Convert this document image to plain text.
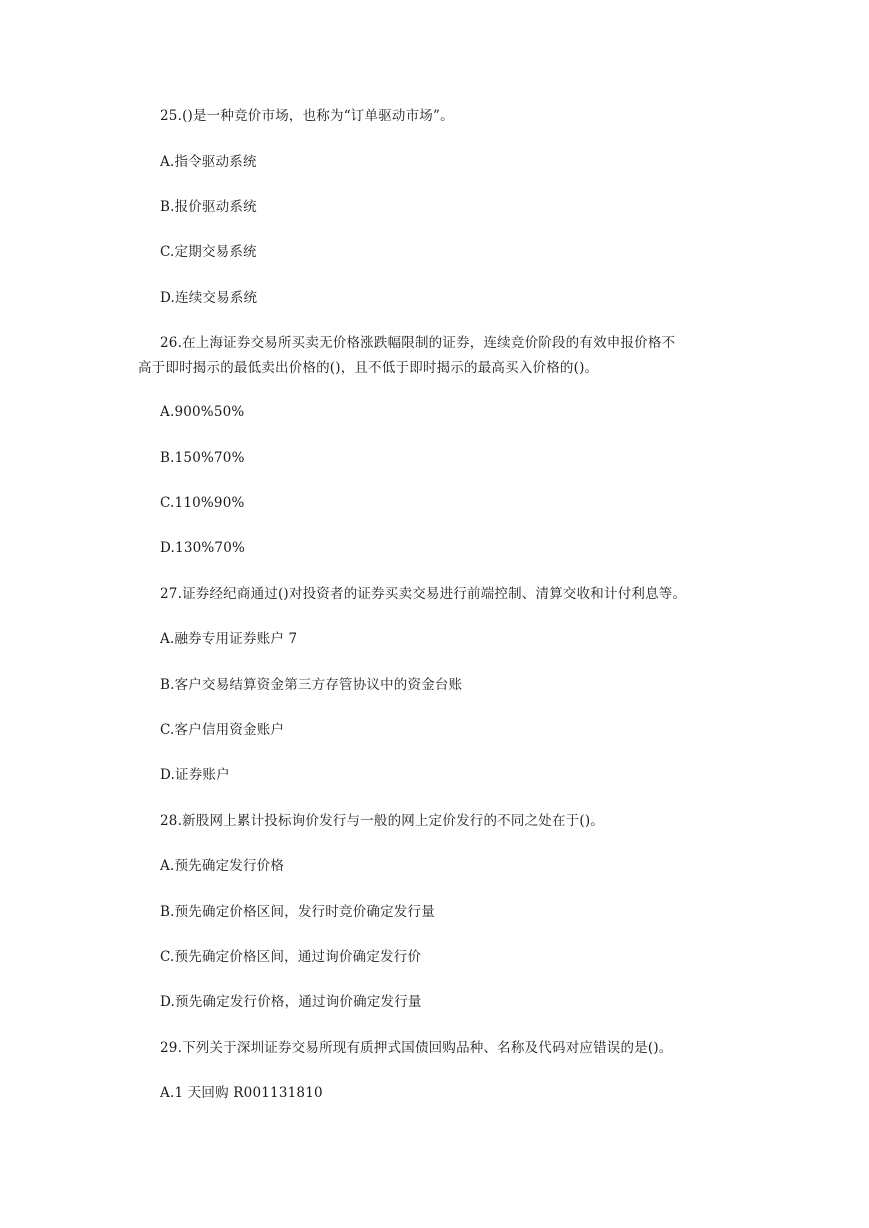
25.()是一种竞价市场，也称为“订单驱动市场”。
A.指令驱动系统
B.报价驱动系统
C.定期交易系统
D.连续交易系统
26.在上海证券交易所买卖无价格涨跌幅限制的证券，连续竞价阶段的有效申报价格不
高于即时揭示的最低卖出价格的()，且不低于即时揭示的最高买入价格的()。
A.900%50%
B.150%70%
C.110%90%
D.130%70%
27.证券经纪商通过()对投资者的证券买卖交易进行前端控制、清算交收和计付利息等。
A.融券专用证券账户 7
B.客户交易结算资金第三方存管协议中的资金台账
C.客户信用资金账户
D.证券账户
28.新股网上累计投标询价发行与一般的网上定价发行的不同之处在于()。
A.预先确定发行价格
B.预先确定价格区间，发行时竞价确定发行量
C.预先确定价格区间，通过询价确定发行价
D.预先确定发行价格，通过询价确定发行量
29.下列关于深圳证券交易所现有质押式国债回购品种、名称及代码对应错误的是()。
A.1 天回购 R001131810
